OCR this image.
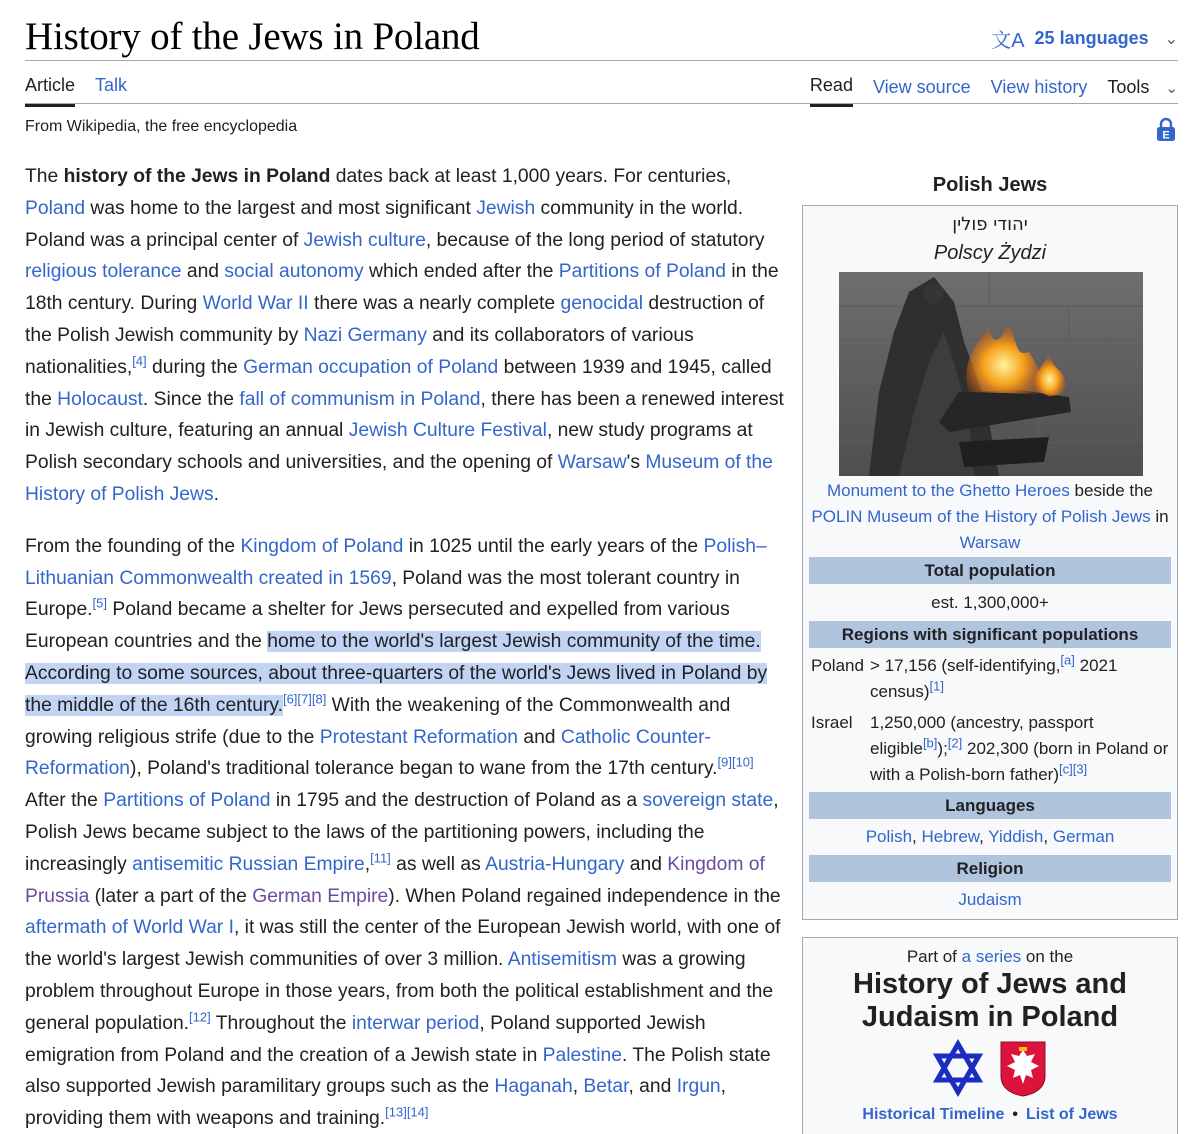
History of the Jews in Poland	文A 25 languages ⌄
Article Talk	Read View source View history Tools ⌄
From Wikipedia, the free encyclopedia
E

The history of the Jews in Poland dates back at least 1,000 years. For centuries, Poland was home to the largest and most significant Jewish community in the world. Poland was a principal center of Jewish culture, because of the long period of statutory religious tolerance and social autonomy which ended after the Partitions of Poland in the 18th century. During World War II there was a nearly complete genocidal destruction of the Polish Jewish community by Nazi Germany and its collaborators of various nationalities,[4] during the German occupation of Poland between 1939 and 1945, called the Holocaust. Since the fall of communism in Poland, there has been a renewed interest in Jewish culture, featuring an annual Jewish Culture Festival, new study programs at Polish secondary schools and universities, and the opening of Warsaw's Museum of the History of Polish Jews.

From the founding of the Kingdom of Poland in 1025 until the early years of the Polish–Lithuanian Commonwealth created in 1569, Poland was the most tolerant country in Europe.[5] Poland became a shelter for Jews persecuted and expelled from various European countries and the home to the world's largest Jewish community of the time. According to some sources, about three-quarters of the world's Jews lived in Poland by the middle of the 16th century.[6][7][8] With the weakening of the Commonwealth and growing religious strife (due to the Protestant Reformation and Catholic Counter-Reformation), Poland's traditional tolerance began to wane from the 17th century.[9][10] After the Partitions of Poland in 1795 and the destruction of Poland as a sovereign state, Polish Jews became subject to the laws of the partitioning powers, including the increasingly antisemitic Russian Empire,[11] as well as Austria-Hungary and Kingdom of Prussia (later a part of the German Empire). When Poland regained independence in the aftermath of World War I, it was still the center of the European Jewish world, with one of the world's largest Jewish communities of over 3 million. Antisemitism was a growing problem throughout Europe in those years, from both the political establishment and the general population.[12] Throughout the interwar period, Poland supported Jewish emigration from Poland and the creation of a Jewish state in Palestine. The Polish state also supported Jewish paramilitary groups such as the Haganah, Betar, and Irgun, providing them with weapons and training.[13][14]

Polish Jews
יהודי פולין
Polscy Żydzi
Monument to the Ghetto Heroes beside the POLIN Museum of the History of Polish Jews in Warsaw
Total population
est. 1,300,000+
Regions with significant populations
Poland > 17,156 (self-identifying,[a] 2021 census)[1]
Israel 1,250,000 (ancestry, passport eligible[b]);[2] 202,300 (born in Poland or with a Polish-born father)[c][3]
Languages
Polish, Hebrew, Yiddish, German
Religion
Judaism
Part of a series on the
History of Jews and Judaism in Poland
Historical Timeline • List of Jews
